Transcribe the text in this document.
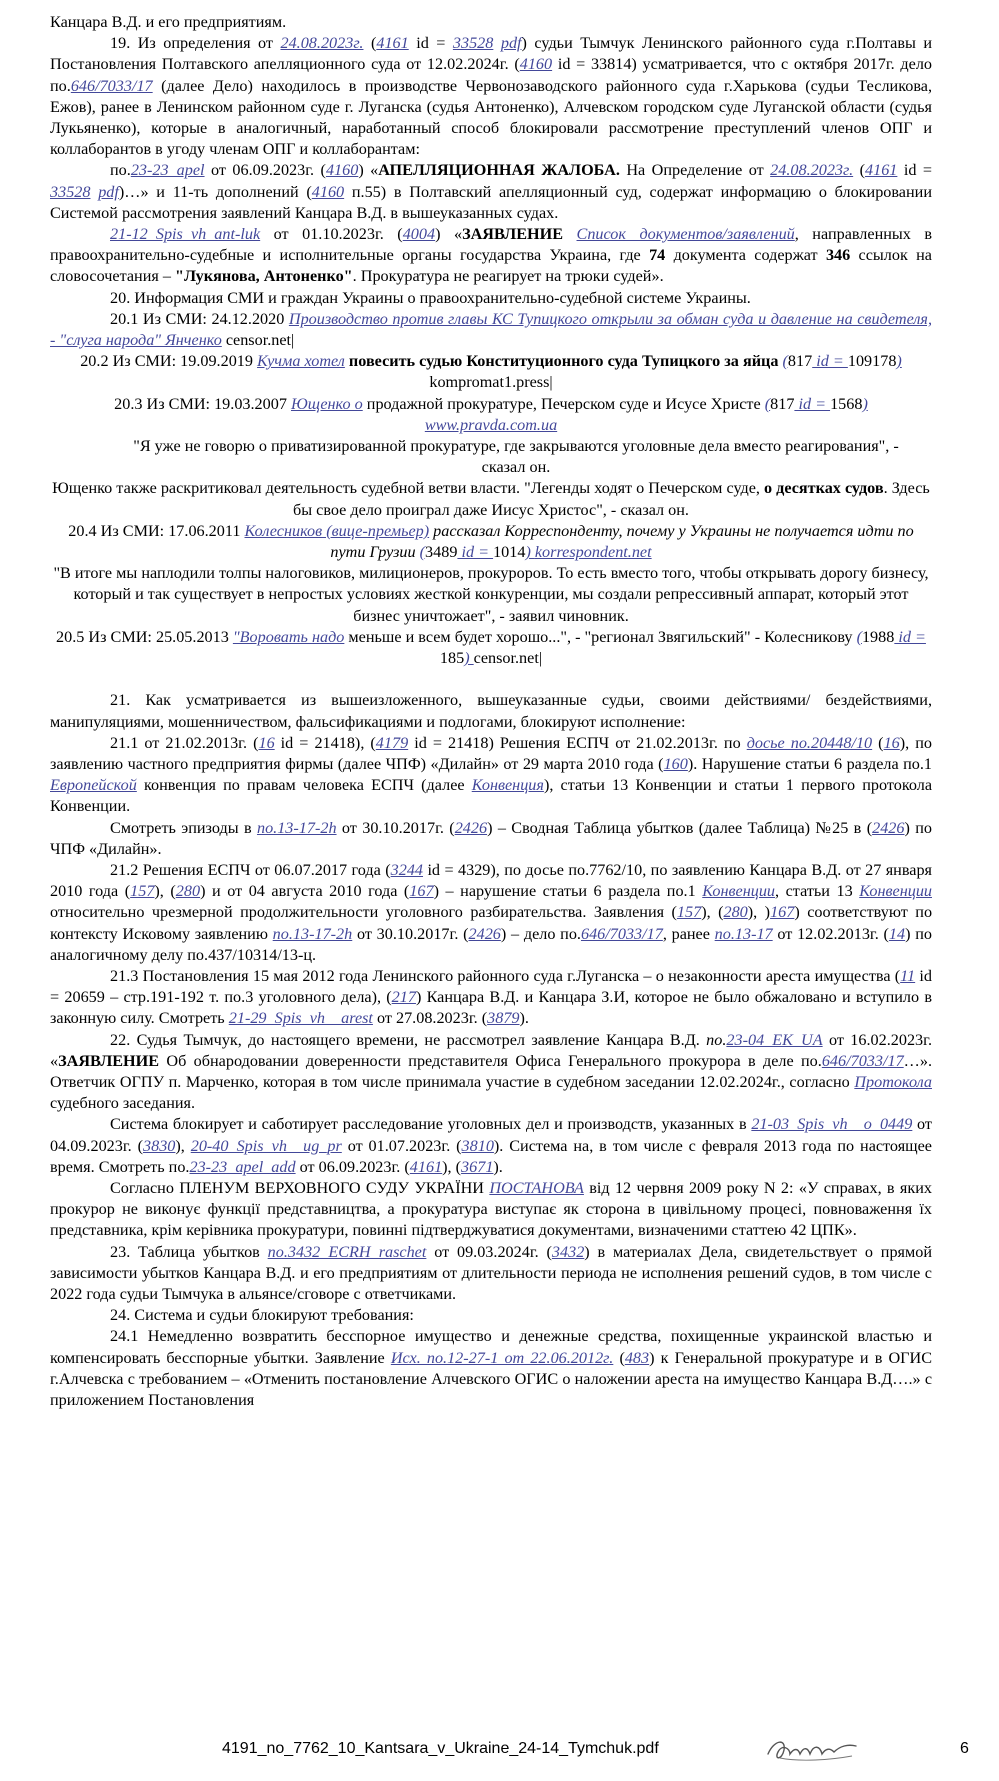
Канцара В.Д. и его предприятиям.

19. Из определения от 24.08.2023г. (4161 id = 33528 pdf) судьи Тымчук Ленинского районного суда г.Полтавы и Постановления Полтавского апелляционного суда от 12.02.2024г. (4160 id = 33814) усматривается, что с октября 2017г. дело по.646/7033/17 (далее Дело) находилось в производстве Червонозаводского районного суда г.Харькова (судьи Тесликова, Ежов), ранее в Ленинском районном суде г. Луганска (судья Антоненко), Алчевском городском суде Луганской области (судья Лукьяненко), которые в аналогичный, наработанный способ блокировали рассмотрение преступлений членов ОПГ и коллаборантов в угоду членам ОПГ и коллаборантам:

по.23-23_apel от 06.09.2023г. (4160) «АПЕЛЛЯЦИОННАЯ ЖАЛОБА. На Определение от 24.08.2023г. (4161 id = 33528 pdf)…» и 11-ть дополнений (4160 п.55) в Полтавский апелляционный суд, содержат информацию о блокировании Системой рассмотрения заявлений Канцара В.Д. в вышеуказанных судах.

21-12_Spis_vh_ant-luk от 01.10.2023г. (4004) «ЗАЯВЛЕНИЕ Список документов/заявлений, направленных в правоохранительно-судебные и исполнительные органы государства Украина, где 74 документа содержат 346 ссылок на словосочетания – "Лукянова, Антоненко". Прокуратура не реагирует на трюки судей».

20. Информация СМИ и граждан Украины о правоохранительно-судебной системе Украины.

20.1 Из СМИ: 24.12.2020 Производство против главы КС Тупицкого открыли за обман суда и давление на свидетеля, - "слуга народа" Янченко censor.net|

20.2 Из СМИ: 19.09.2019 Кучма хотел повесить судью Конституционного суда Тупицкого за яйца (817 id = 109178) kompromat1.press|

20.3 Из СМИ: 19.03.2007 Ющенко о продажной прокуратуре, Печерском суде и Исусе Христе (817 id = 1568) www.pravda.com.ua

"Я уже не говорю о приватизированной прокуратуре, где закрываются уголовные дела вместо реагирования", - сказал он.

Ющенко также раскритиковал деятельность судебной ветви власти. "Легенды ходят о Печерском суде, о десятках судов. Здесь бы свое дело проиграл даже Иисус Христос", - сказал он.

20.4 Из СМИ: 17.06.2011 Колесников (вице-премьер) рассказал Корреспонденту, почему у Украины не получается идти по пути Грузии (3489 id = 1014) korrespondent.net

"В итоге мы наплодили толпы налоговиков, милиционеров, прокуроров. То есть вместо того, чтобы открывать дорогу бизнесу, который и так существует в непростых условиях жесткой конкуренции, мы создали репрессивный аппарат, который этот бизнес уничтожает", - заявил чиновник.

20.5 Из СМИ: 25.05.2013 "Воровать надо меньше и всем будет хорошо...", - "регионал Звягильский" - Колесникову (1988 id = 185) censor.net|

21. Как усматривается из вышеизложенного, вышеуказанные судьи, своими действиями/ бездействиями, манипуляциями, мошенничеством, фальсификациями и подлогами, блокируют исполнение:

21.1 от 21.02.2013г. (16 id = 21418), (4179 id = 21418) Решения ЕСПЧ от 21.02.2013г. по досье по.20448/10 (16), по заявлению частного предприятия фирмы (далее ЧПФ) «Дилайн» от 29 марта 2010 года (160). Нарушение статьи 6 раздела по.1 Европейской конвенция по правам человека ЕСПЧ (далее Конвенция), статьи 13 Конвенции и статьи 1 первого протокола Конвенции.

Смотреть эпизоды в по.13-17-2h от 30.10.2017г. (2426) – Сводная Таблица убытков (далее Таблица) №25 в (2426) по ЧПФ «Дилайн».

21.2 Решения ЕСПЧ от 06.07.2017 года (3244 id = 4329), по досье по.7762/10, по заявлению Канцара В.Д. от 27 января 2010 года (157), (280) и от 04 августа 2010 года (167) – нарушение статьи 6 раздела по.1 Конвенции, статьи 13 Конвенции относительно чрезмерной продолжительности уголовного разбирательства. Заявления (157), (280), )167) соответствуют по контексту Исковому заявлению по.13-17-2h от 30.10.2017г. (2426) – дело по.646/7033/17, ранее по.13-17 от 12.02.2013г. (14) по аналогичному делу по.437/10314/13-ц.

21.3 Постановления 15 мая 2012 года Ленинского районного суда г.Луганска – о незаконности ареста имущества (11 id = 20659 – стр.191-192 т. по.3 уголовного дела), (217) Канцара В.Д. и Канцара З.И, которое не было обжаловано и вступило в законную силу. Смотреть 21-29_Spis_vh__arest от 27.08.2023г. (3879).

22. Судья Тымчук, до настоящего времени, не рассмотрел заявление Канцара В.Д. по.23-04_EK_UA от 16.02.2023г. «ЗАЯВЛЕНИЕ Об обнародовании доверенности представителя Офиса Генерального прокурора в деле по.646/7033/17…». Ответчик ОГПУ п. Марченко, которая в том числе принимала участие в судебном заседании 12.02.2024г., согласно Протокола судебного заседания.

Система блокирует и саботирует расследование уголовных дел и производств, указанных в 21-03_Spis_vh__o_0449 от 04.09.2023г. (3830), 20-40_Spis_vh__ug_pr от 01.07.2023г. (3810). Система на, в том числе с февраля 2013 года по настоящее время. Смотреть по.23-23_apel_add от 06.09.2023г. (4161), (3671).

Согласно ПЛЕНУМ ВЕРХОВНОГО СУДУ УКРАЇНИ ПОСТАНОВА від 12 червня 2009 року N 2: «У справах, в яких прокурор не виконує функції представництва, а прокуратура виступає як сторона в цивільному процесі, повноваження їх представника, крім керівника прокуратури, повинні підтверджуватися документами, визначеними статтею 42 ЦПК».

23. Таблица убытков по.3432_ECRH_raschet от 09.03.2024г. (3432) в материалах Дела, свидетельствует о прямой зависимости убытков Канцара В.Д. и его предприятиям от длительности периода не исполнения решений судов, в том числе с 2022 года судьи Тымчука в альянсе/сговоре с ответчиками.

24. Система и судьи блокируют требования:

24.1 Немедленно возвратить бесспорное имущество и денежные средства, похищенные украинской властью и компенсировать бесспорные убытки. Заявление Исх. по.12-27-1 от 22.06.2012г. (483) к Генеральной прокуратуре и в ОГИС г.Алчевска с требованием – «Отменить постановление Алчевского ОГИС о наложении ареста на имущество Канцара В.Д….» с приложением Постановления

4191_no_7762_10_Kantsara_v_Ukraine_24-14_Tymchuk.pdf	6
